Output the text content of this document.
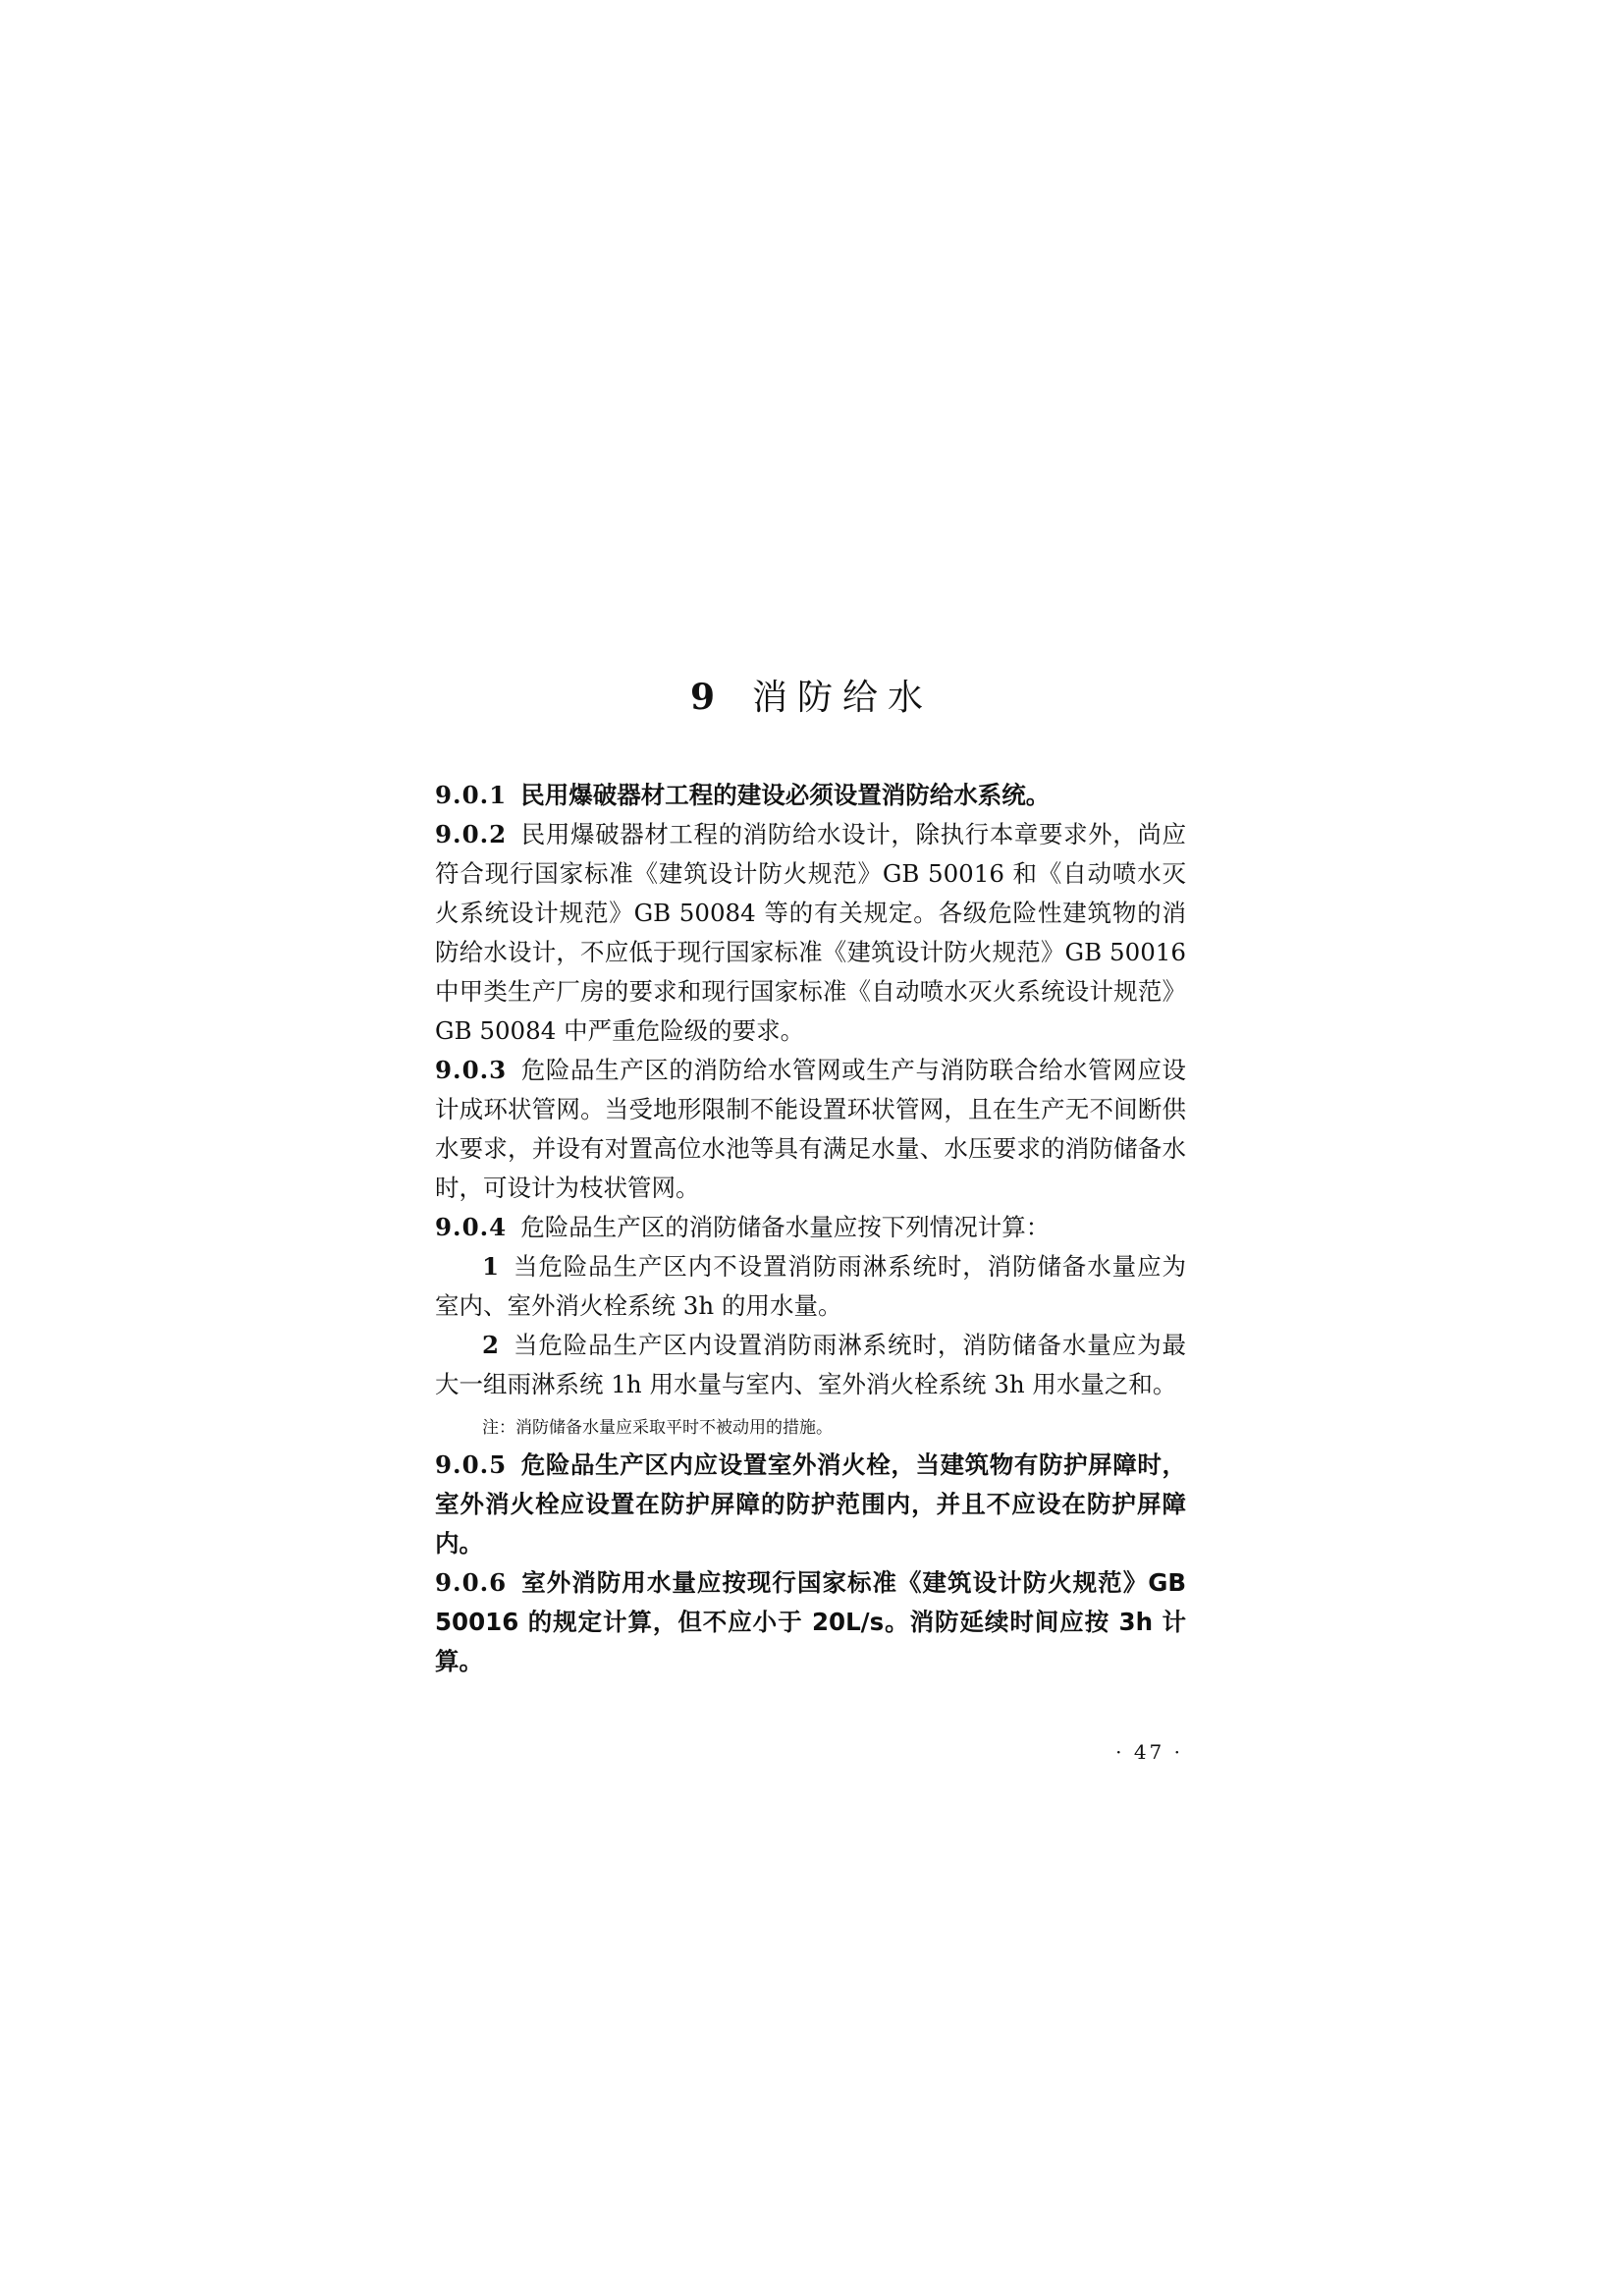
9 消防给水

9.0.1 民用爆破器材工程的建设必须设置消防给水系统。

9.0.2 民用爆破器材工程的消防给水设计，除执行本章要求外，尚应符合现行国家标准《建筑设计防火规范》GB 50016 和《自动喷水灭火系统设计规范》GB 50084 等的有关规定。各级危险性建筑物的消防给水设计，不应低于现行国家标准《建筑设计防火规范》GB 50016 中甲类生产厂房的要求和现行国家标准《自动喷水灭火系统设计规范》GB 50084 中严重危险级的要求。

9.0.3 危险品生产区的消防给水管网或生产与消防联合给水管网应设计成环状管网。当受地形限制不能设置环状管网，且在生产无不间断供水要求，并设有对置高位水池等具有满足水量、水压要求的消防储备水时，可设计为枝状管网。

9.0.4 危险品生产区的消防储备水量应按下列情况计算：

1 当危险品生产区内不设置消防雨淋系统时，消防储备水量应为室内、室外消火栓系统 3h 的用水量。

2 当危险品生产区内设置消防雨淋系统时，消防储备水量应为最大一组雨淋系统 1h 用水量与室内、室外消火栓系统 3h 用水量之和。

注：消防储备水量应采取平时不被动用的措施。

9.0.5 危险品生产区内应设置室外消火栓，当建筑物有防护屏障时，室外消火栓应设置在防护屏障的防护范围内，并且不应设在防护屏障内。

9.0.6 室外消防用水量应按现行国家标准《建筑设计防火规范》GB 50016 的规定计算，但不应小于 20L/s。消防延续时间应按 3h 计算。

· 47 ·
